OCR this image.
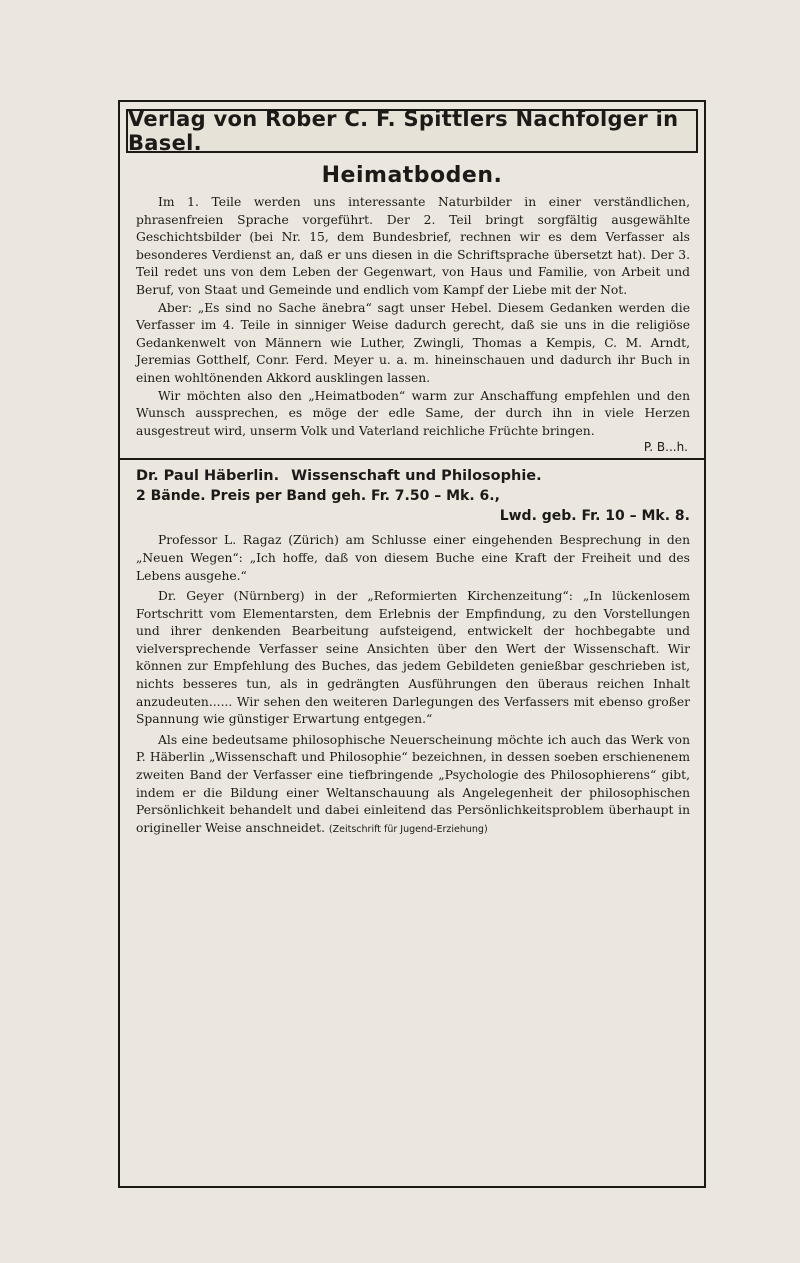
Verlag von Rober C. F. Spittlers Nachfolger in Basel.
Heimatboden.

Im 1. Teile werden uns interessante Naturbilder in einer verständlichen, phrasenfreien Sprache vorgeführt. Der 2. Teil bringt sorgfältig ausgewählte Geschichtsbilder (bei Nr. 15, dem Bundesbrief, rechnen wir es dem Verfasser als besonderes Verdienst an, daß er uns diesen in die Schriftsprache übersetzt hat). Der 3. Teil redet uns von dem Leben der Gegenwart, von Haus und Familie, von Arbeit und Beruf, von Staat und Gemeinde und endlich vom Kampf der Liebe mit der Not.

Aber: „Es sind no Sache änebra“ sagt unser Hebel. Diesem Gedanken werden die Verfasser im 4. Teile in sinniger Weise dadurch gerecht, daß sie uns in die religiöse Gedankenwelt von Männern wie Luther, Zwingli, Thomas a Kempis, C. M. Arndt, Jeremias Gotthelf, Conr. Ferd. Meyer u. a. m. hineinschauen und dadurch ihr Buch in einen wohltönenden Akkord ausklingen lassen.

Wir möchten also den „Heimatboden“ warm zur Anschaffung empfehlen und den Wunsch aussprechen, es möge der edle Same, der durch ihn in viele Herzen ausgestreut wird, unserm Volk und Vaterland reichliche Früchte bringen.

P. B...h.
Dr. Paul Häberlin. Wissenschaft und Philosophie.
2 Bände. Preis per Band geh. Fr. 7.50 – Mk. 6.,
Lwd. geb. Fr. 10 – Mk. 8.

Professor L. Ragaz (Zürich) am Schlusse einer eingehenden Besprechung in den „Neuen Wegen“: „Ich hoffe, daß von diesem Buche eine Kraft der Freiheit und des Lebens ausgehe.“

Dr. Geyer (Nürnberg) in der „Reformierten Kirchenzeitung“: „In lückenlosem Fortschritt vom Elementarsten, dem Erlebnis der Empfindung, zu den Vorstellungen und ihrer denkenden Bearbeitung aufsteigend, entwickelt der hochbegabte und vielversprechende Verfasser seine Ansichten über den Wert der Wissenschaft. Wir können zur Empfehlung des Buches, das jedem Gebildeten genießbar geschrieben ist, nichts besseres tun, als in gedrängten Ausführungen den überaus reichen Inhalt anzudeuten...... Wir sehen den weiteren Darlegungen des Verfassers mit ebenso großer Spannung wie günstiger Erwartung entgegen.“

Als eine bedeutsame philosophische Neuerscheinung möchte ich auch das Werk von P. Häberlin „Wissenschaft und Philosophie“ bezeichnen, in dessen soeben erschienenem zweiten Band der Verfasser eine tiefbringende „Psychologie des Philosophierens“ gibt, indem er die Bildung einer Weltanschauung als Angelegenheit der philosophischen Persönlichkeit behandelt und dabei einleitend das Persönlichkeitsproblem überhaupt in origineller Weise anschneidet. (Zeitschrift für Jugend-Erziehung)
